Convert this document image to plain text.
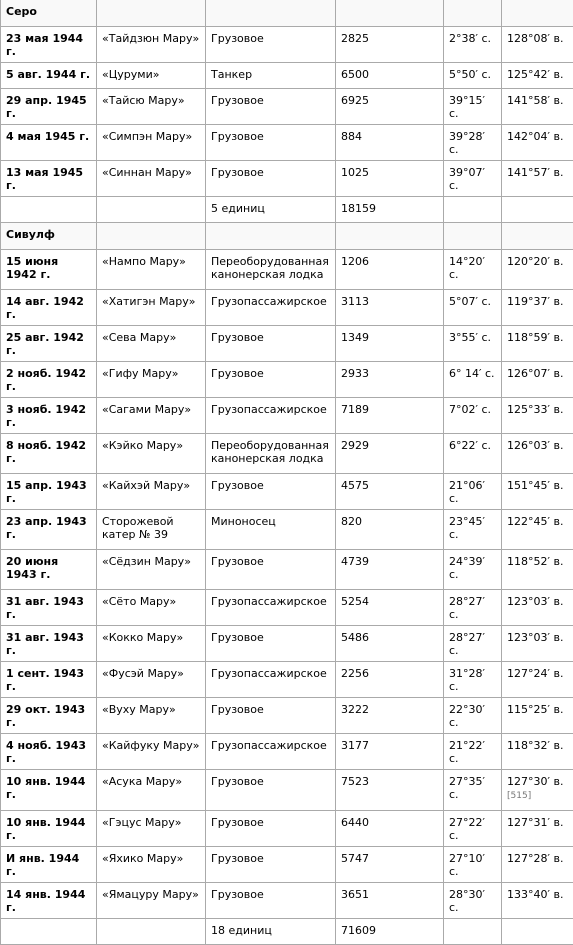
Серо					
23 мая 1944 г.	«Тайдзюн Мару»	Грузовое	2825	2°38′ с.	128°08′ в.
5 авг. 1944 г.	«Цуруми»	Танкер	6500	5°50′ с.	125°42′ в.
29 апр. 1945 г.	«Тайсю Мару»	Грузовое	6925	39°15′ с.	141°58′ в.
4 мая 1945 г.	«Симпэн Мару»	Грузовое	884	39°28′ с.	142°04′ в.
13 мая 1945 г.	«Синнан Мару»	Грузовое	1025	39°07′ с.	141°57′ в.
		5 единиц	18159		
Сивулф					
15 июня 1942 г.	«Нампо Мару»	Переоборудованная канонерская лодка	1206	14°20′ с.	120°20′ в.
14 авг. 1942 г.	«Хатигэн Мару»	Грузопассажирское	3113	5°07′ с.	119°37′ в.
25 авг. 1942 г.	«Сева Мару»	Грузовое	1349	3°55′ с.	118°59′ в.
2 нояб. 1942 г.	«Гифу Мару»	Грузовое	2933	6° 14′ с.	126°07′ в.
3 нояб. 1942 г.	«Сагами Мару»	Грузопассажирское	7189	7°02′ с.	125°33′ в.
8 нояб. 1942 г.	«Кэйко Мару»	Переоборудованная канонерская лодка	2929	6°22′ с.	126°03′ в.
15 апр. 1943 г.	«Кайхэй Мару»	Грузовое	4575	21°06′ с.	151°45′ в.
23 апр. 1943 г.	Сторожевой катер № 39	Миноносец	820	23°45′ с.	122°45′ в.
20 июня 1943 г.	«Сёдзин Мару»	Грузовое	4739	24°39′ с.	118°52′ в.
31 авг. 1943 г.	«Сёто Мару»	Грузопассажирское	5254	28°27′ с.	123°03′ в.
31 авг. 1943 г.	«Кокко Мару»	Грузовое	5486	28°27′ с.	123°03′ в.
1 сент. 1943 г.	«Фусэй Мару»	Грузопассажирское	2256	31°28′ с.	127°24′ в.
29 окт. 1943 г.	«Вуху Мару»	Грузовое	3222	22°30′ с.	115°25′ в.
4 нояб. 1943 г.	«Кайфуку Мару»	Грузопассажирское	3177	21°22′ с.	118°32′ в.
10 янв. 1944 г.	«Асука Мару»	Грузовое	7523	27°35′ с.	127°30′ в.
[515]
10 янв. 1944 г.	«Гэцус Мару»	Грузовое	6440	27°22′ с.	127°31′ в.
И янв. 1944 г.	«Яхико Мару»	Грузовое	5747	27°10′ с.	127°28′ в.
14 янв. 1944 г.	«Ямацуру Мару»	Грузовое	3651	28°30′ с.	133°40′ в.
		18 единиц	71609		
